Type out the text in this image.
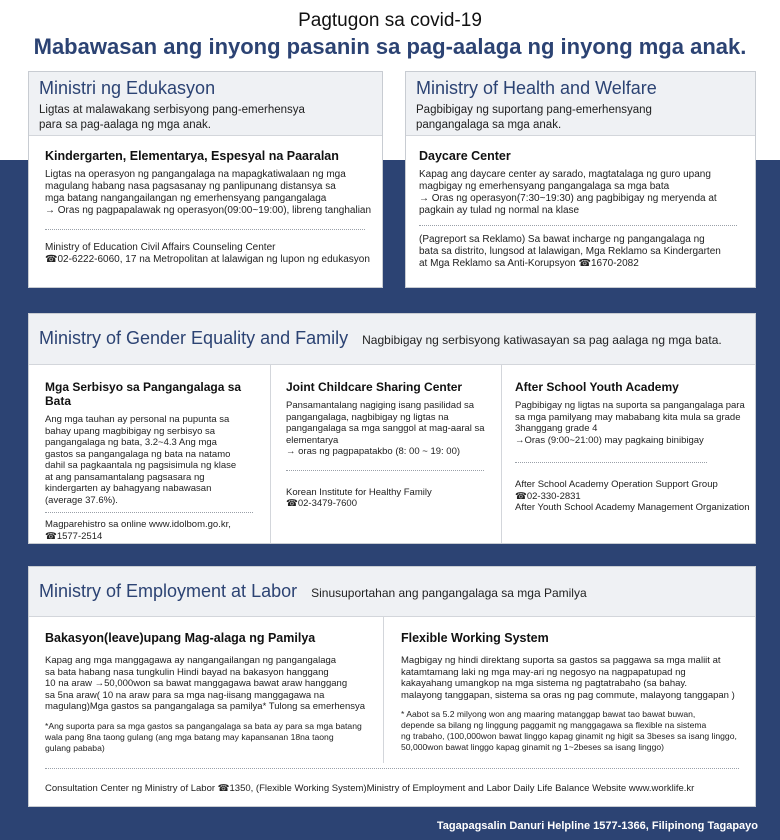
Pagtugon sa covid-19
Mabawasan ang inyong pasanin sa pag-aalaga ng inyong mga anak.
Ministri ng Edukasyon
Ligtas at malawakang serbisyong pang-emerhensya
para sa pag-aalaga ng mga anak.
Kindergarten, Elementarya, Espesyal na Paaralan
Ligtas na operasyon ng pangangalaga na mapagkatiwalaan ng mga
magulang habang nasa pagsasanay ng panlipunang distansya sa
mga batang nangangailangan ng emerhensyang pangangalaga
→ Oras ng pagpapalawak ng operasyon(09:00~19:00), libreng tanghalian
Ministry of Education Civil Affairs Counseling Center
☎02-6222-6060, 17 na Metropolitan at lalawigan ng lupon ng edukasyon
Ministry of Health and Welfare
Pagbibigay ng suportang pang-emerhensyang
pangangalaga sa mga anak.
Daycare Center
Kapag ang daycare center ay sarado, magtatalaga ng guro upang
magbigay ng emerhensyang pangangalaga sa mga bata
→ Oras ng operasyon(7:30~19:30) ang pagbibigay ng meryenda at
pagkain ay tulad ng normal na klase
(Pagreport sa Reklamo) Sa bawat incharge ng pangangalaga ng
bata sa distrito, lungsod at lalawigan, Mga Reklamo sa Kindergarten
at Mga Reklamo sa Anti-Korupsyon ☎1670-2082
Ministry of Gender Equality and Family Nagbibigay ng serbisyong katiwasayan sa pag aalaga ng mga bata.
Mga Serbisyo sa Pangangalaga sa Bata
Ang mga tauhan ay personal na pupunta sa
bahay upang magbibigay ng serbisyo sa
pangangalaga ng bata, 3.2~4.3 Ang mga
gastos sa pangangalaga ng bata na natamo
dahil sa pagkaantala ng pagsisimula ng klase
at ang pansamantalang pagsasara ng
kindergarten ay bahagyang nabawasan
(average 37.6%).
Magparehistro sa online www.idolbom.go.kr,
☎1577-2514
Joint Childcare Sharing Center
Pansamantalang nagiging isang pasilidad sa
pangangalaga, nagbibigay ng ligtas na
pangangalaga sa mga sanggol at mag-aaral sa
elementarya
→ oras ng pagpapatakbo (8: 00 ~ 19: 00)
Korean Institute for Healthy Family
☎02-3479-7600
After School Youth Academy
Pagbibigay ng ligtas na suporta sa pangangalaga para
sa mga pamilyang may mababang kita mula sa grade
3hanggang grade 4
→Oras (9:00~21:00) may pagkaing binibigay
After School Academy Operation Support Group
☎02-330-2831
After Youth School Academy Management Organization
Ministry of Employment at Labor Sinusuportahan ang pangangalaga sa mga Pamilya
Bakasyon(leave)upang Mag-alaga ng Pamilya
Kapag ang mga manggagawa ay nangangailangan ng pangangalaga
sa bata habang nasa tungkulin Hindi bayad na bakasyon hanggang
10 na araw →50,000won sa bawat manggagawa bawat araw hanggang
sa 5na araw( 10 na araw para sa mga nag-iisang manggagawa na
magulang)Mga gastos sa pangangalaga sa pamilya* Tulong sa emerhensya
*Ang suporta para sa mga gastos sa pangangalaga sa bata ay para sa mga batang
wala pang 8na taong gulang (ang mga batang may kapansanan 18na taong
gulang pababa)
Flexible Working System
Magbigay ng hindi direktang suporta sa gastos sa paggawa sa mga maliit at
katamtamang laki ng mga may-ari ng negosyo na nagpapatupad ng
kakayahang umangkop na mga sistema ng pagtatrabaho (sa bahay.
malayong tanggapan, sistema sa oras ng pag commute, malayong tanggapan )
* Aabot sa 5.2 milyong won ang maaring matanggap bawat tao bawat buwan,
depende sa bilang ng linggung paggamit ng manggagawa sa flexible na sistema
ng trabaho, (100,000won bawat linggo kapag ginamit ng higit sa 3beses sa isang linggo,
50,000won bawat linggo kapag ginamit ng 1~2beses sa isang linggo)
Consultation Center ng Ministry of Labor ☎1350, (Flexible Working System)Ministry of Employment and Labor Daily Life Balance Website www.worklife.kr
Tagapagsalin Danuri Helpline 1577-1366, Filipinong Tagapayo
